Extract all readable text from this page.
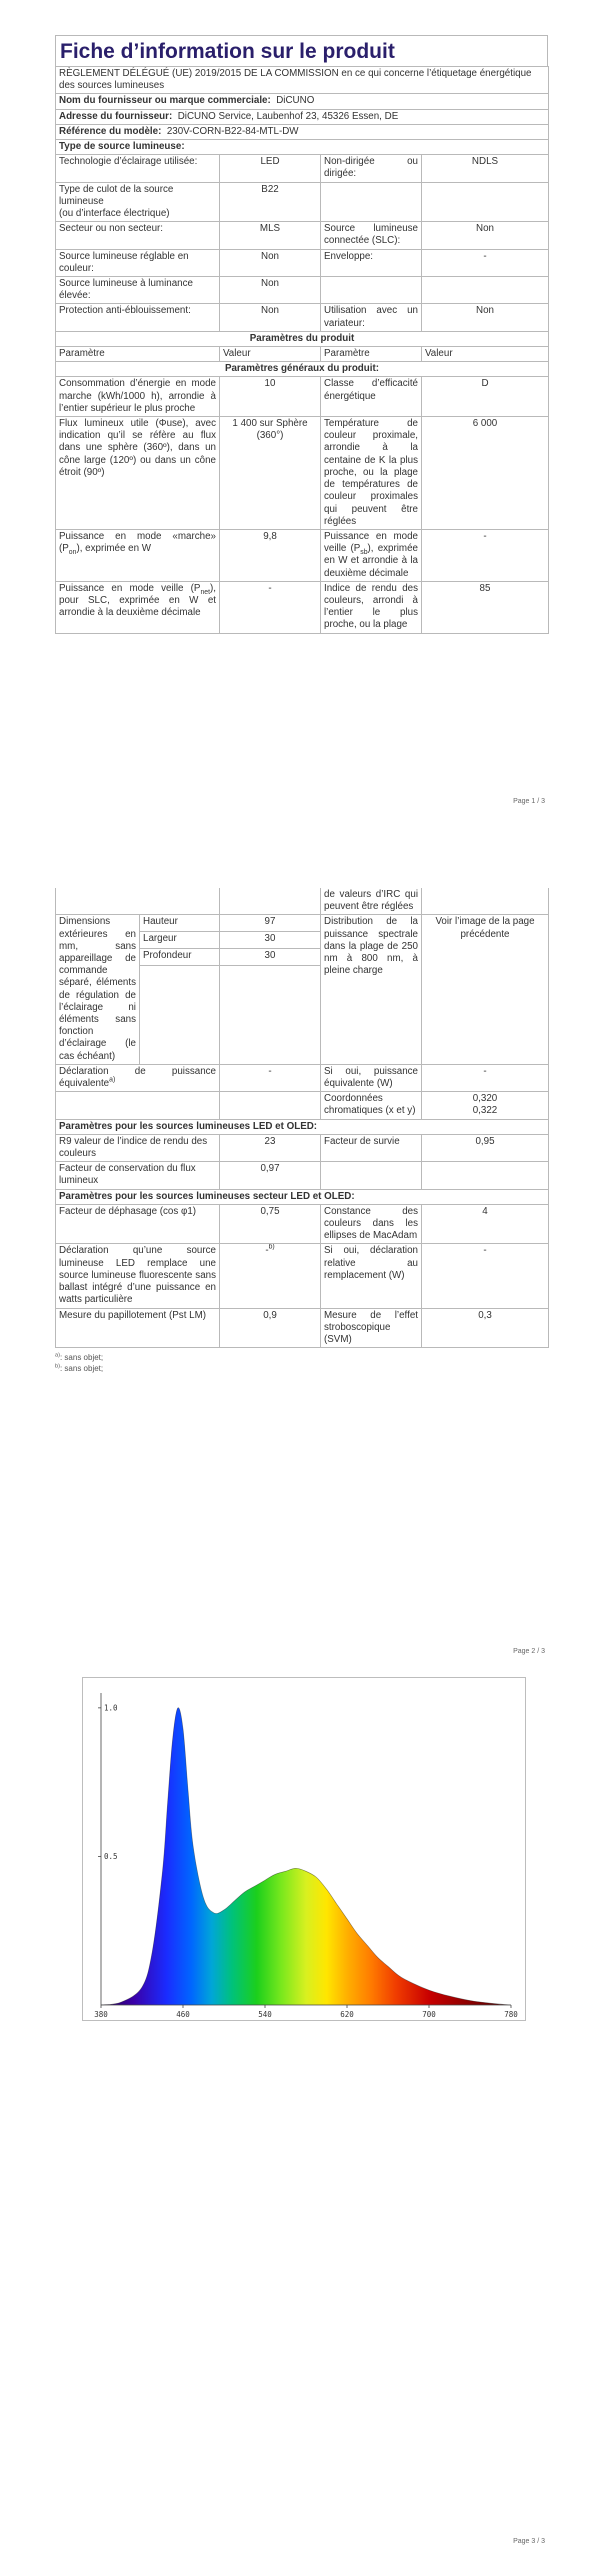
Fiche d’information sur le produit
RÈGLEMENT DÉLÉGUÉ (UE) 2019/2015 DE LA COMMISSION en ce qui concerne l’étiquetage énergétique des sources lumineuses			
Nom du fournisseur ou marque commerciale: DiCUNO			
Adresse du fournisseur: DiCUNO Service, Laubenhof 23, 45326 Essen, DE			
Référence du modèle: 230V-CORN-B22-84-MTL-DW			
Type de source lumineuse:			
Technologie d’éclairage utilisée:	LED	Non-dirigée ou dirigée:	NDLS

Type de culot de la source lumineuse
(ou d’interface électrique)	B22		
Secteur ou non secteur:	MLS	Source lumineuse connectée (SLC):	Non
Source lumineuse réglable en couleur:	Non	Enveloppe:	-
Source lumineuse à luminance élevée:	Non		
Protection anti-éblouissement:	Non	Utilisation avec un variateur:	Non
Paramètres du produit			
Paramètre	Valeur	Paramètre	Valeur
Paramètres généraux du produit:			
Consommation d’énergie en mode marche (kWh/1000 h), arrondie à l’entier supérieur le plus proche	10	Classe d’efficacité énergétique	D
Flux lumineux utile (Φuse), avec indication qu’il se réfère au flux dans une sphère (360º), dans un cône large (120º) ou dans un cône étroit (90º)	1 400 sur Sphère (360°)	Température de couleur proximale, arrondie à la centaine de K la plus proche, ou la plage de températures de couleur proximales qui peuvent être réglées	6 000
Puissance en mode «marche» $(P_{on})$, exprimée en W	9,8	Puissance en mode veille $(P_{sb})$, exprimée en W et arrondie à la deuxième décimale	-
Puissance en mode veille $(P_{net})$, pour SLC, exprimée en W et arrondie à la deuxième décimale	-	Indice de rendu des couleurs, arrondi à l’entier le plus proche, ou la plage	85
Page 1 / 3
			de valeurs d’IRC qui peuvent être réglées	
Dimensions extérieures en mm, sans appareillage de commande séparé, éléments de régulation de l’éclairage ni éléments sans fonction d’éclairage (le cas échéant)	Hauteur	97	Distribution de la puissance spectrale dans la plage de 250 nm à 800 nm, à pleine charge	Voir l’image de la page précédente
	Largeur	30		
	Profondeur	30		

Déclaration de puissance équivalente$^{a)}$		-	Si oui, puissance équivalente (W)	-
			Coordonnées chromatiques (x et y)	0,320
0,322

Paramètres pour les sources lumineuses LED et OLED:				
R9 valeur de l’indice de rendu des couleurs		23	Facteur de survie	0,95
Facteur de conservation du flux lumineux		0,97		
Paramètres pour les sources lumineuses secteur LED et OLED:				
Facteur de déphasage (cos φ1)		0,75	Constance des couleurs dans les ellipses de MacAdam	4
Déclaration qu’une source lumineuse LED remplace une source lumineuse fluorescente sans ballast intégré d’une puissance en watts particulière		-$^{b)}$	Si oui, déclaration relative au remplacement (W)	-
Mesure du papillotement (Pst LM)		0,9	Mesure de l’effet stroboscopique (SVM)	0,3
$^{a)}$: sans objet;
$^{b)}$: sans objet;
Page 2 / 3
1.0
0.5
380	460	540	620	700	780
Page 3 / 3
